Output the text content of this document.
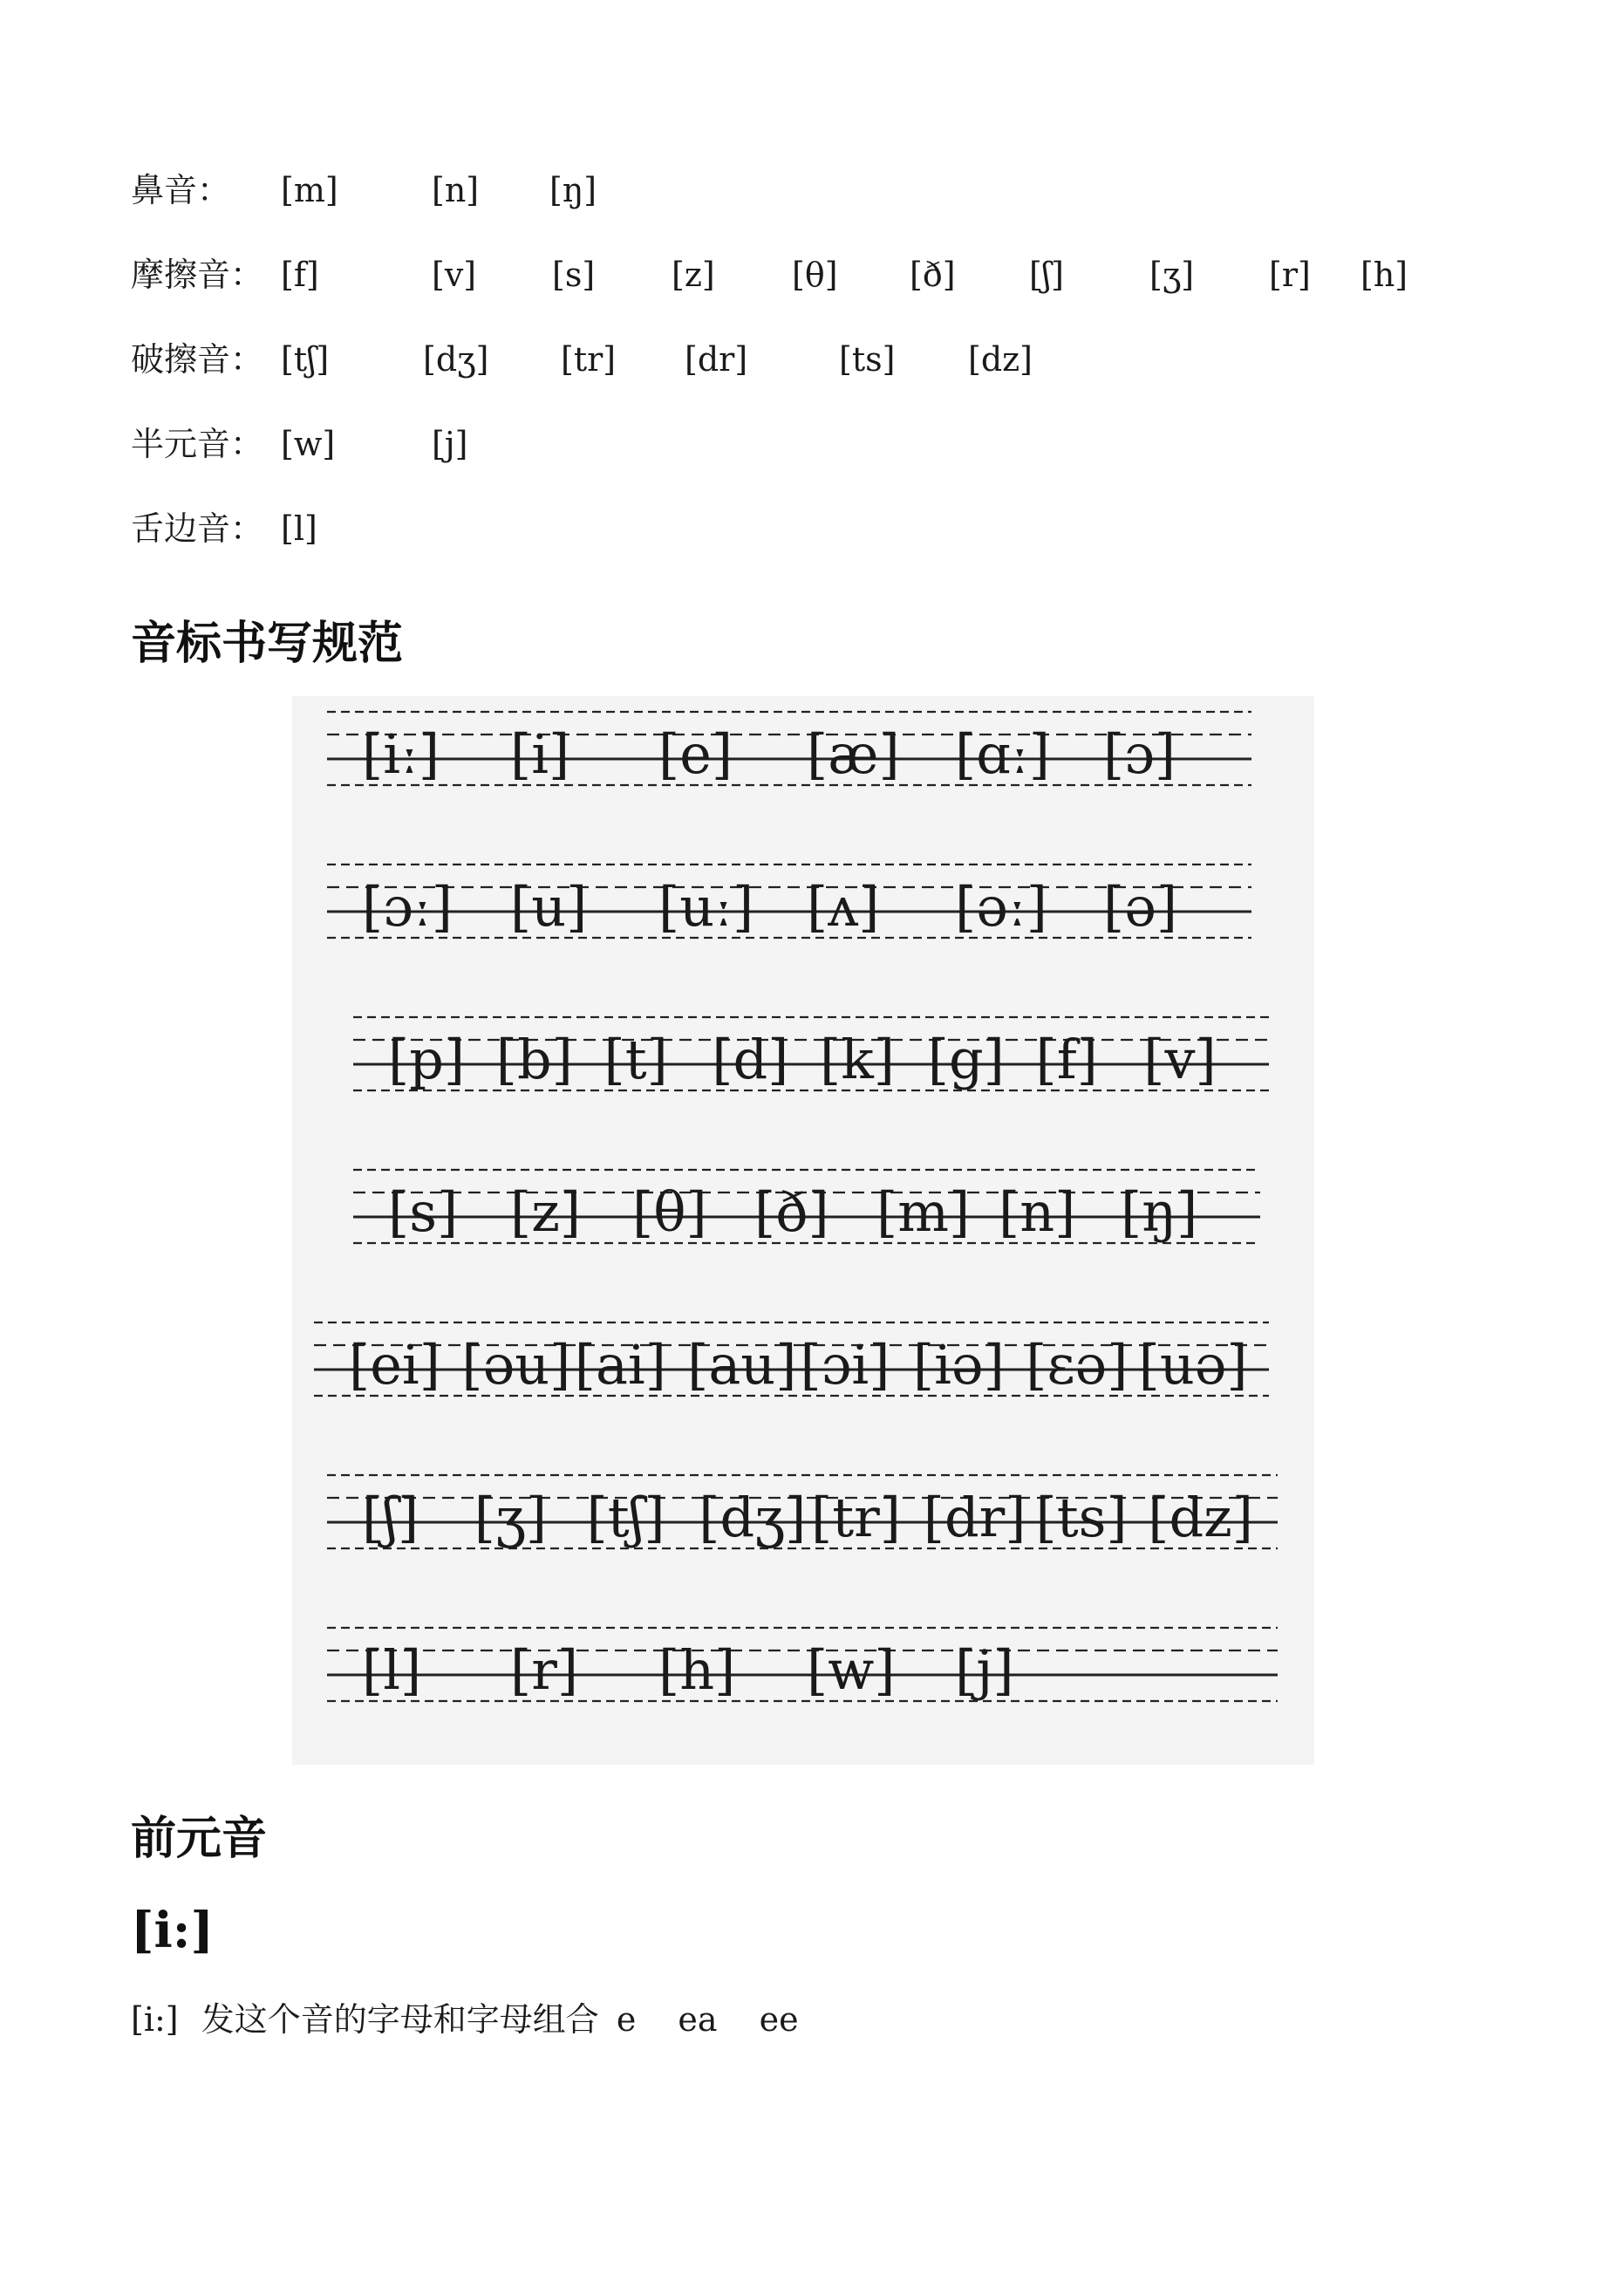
鼻音： [m]	[n] [ŋ]
摩擦音： [f]	[v] [s] [z] [θ] [ð] [ʃ]	[ʒ] [r] [h]
破擦音： [tʃ]	[dʒ] [tr] [dr]	[ts] [dz]
半元音： [w]	[j]
舌边音： [l]
音标书写规范
[iː] [i] [e] [æ] [ɑː] [ɔ]
[ɔː] [u] [uː] [ʌ] [əː] [ə]
[p] [b] [t] [d] [k] [g] [f] [v]
[s] [z] [θ] [ð] [m] [n] [ŋ]
[ei] [əu] [ai] [au] [ɔi] [iə] [ɛə] [uə]
[ʃ] [ʒ] [tʃ] [dʒ] [tr] [dr] [ts] [dz]
[l] [r] [h] [w] [j]
前元音
[i:]
[i:] 发这个音的字母和字母组合 e ea ee
